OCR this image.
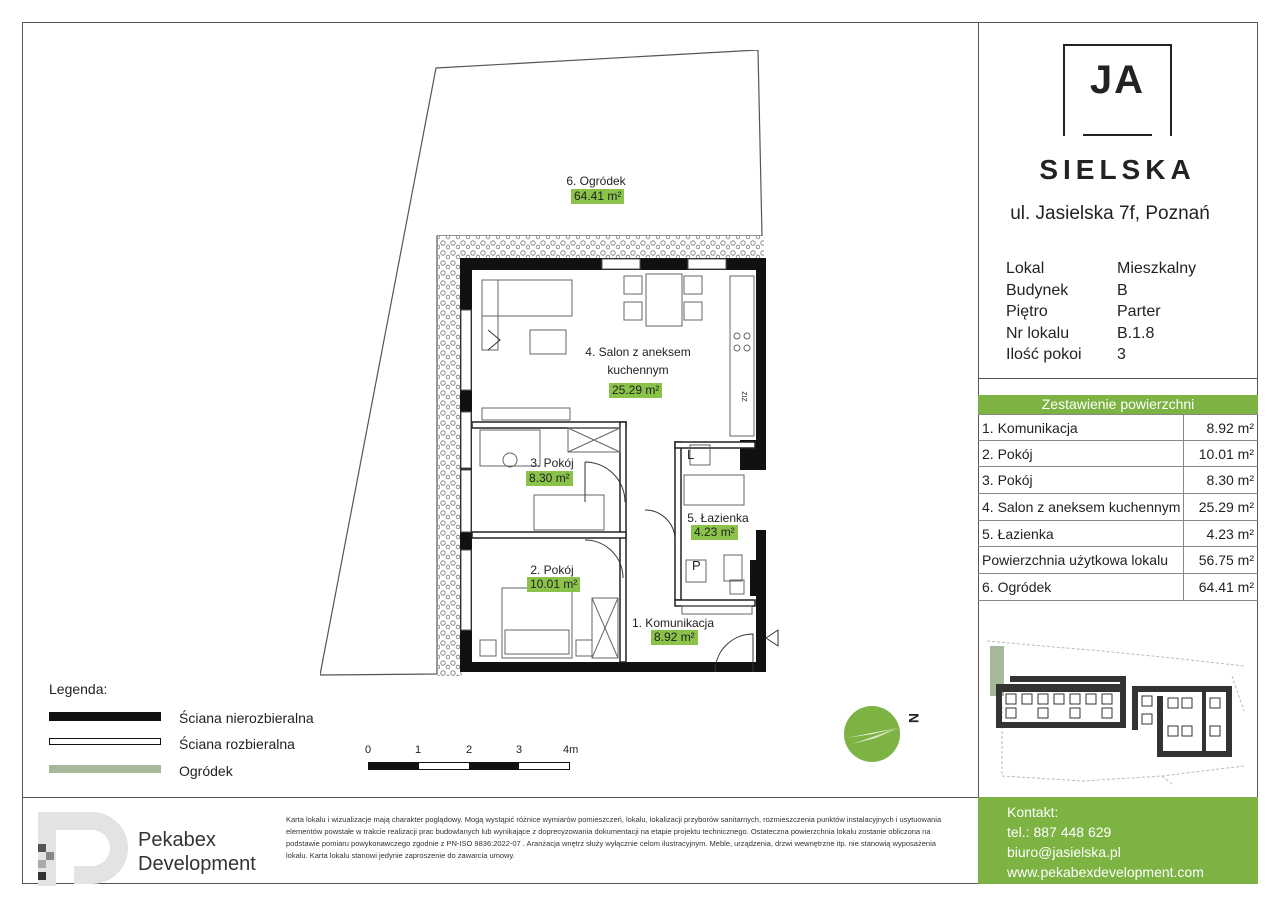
JA
SIELSKA
ul. Jasielska 7f, Poznań
Lokal	Mieszkalny
Budynek	B
Piętro	Parter
Nr lokalu	B.1.8
Ilość pokoi	3
Zestawienie powierzchni
1. Komunikacja	8.92 m²
2. Pokój	10.01 m²
3. Pokój	8.30 m²
4. Salon z aneksem kuchennym	25.29 m²
5. Łazienka	4.23 m²
Powierzchnia użytkowa lokalu	56.75 m²
6. Ogródek	64.41 m²
Kontakt:
tel.: 887 448 629
biuro@jasielska.pl
www.pekabexdevelopment.com
L
P
ZIZ
6. Ogródek
64.41 m²
4. Salon z aneksem
kuchennym
25.29 m²
3. Pokój
8.30 m²
5. Łazienka
4.23 m²
2. Pokój
10.01 m²
1. Komunikacja
8.92 m²
Legenda:
Ściana nierozbieralna
Ściana rozbieralna
Ogródek
0	1	2	3	4m
N
Pekabex
Development
Karta lokalu i wizualizacje mają charakter poglądowy. Mogą wystąpić różnice wymiarów pomieszczeń, lokalu, lokalizacji przyborów sanitarnych, rozmieszczenia punktów instalacyjnych i usytuowania elementów powstałe w trakcie realizacji prac budowlanych lub wynikające z doprecyzowania dokumentacji na etapie projektu technicznego. Ostateczna powierzchnia lokalu zostanie obliczona na podstawie pomiaru powykonawczego zgodnie z PN-ISO 9836:2022-07 . Aranżacja wnętrz służy wyłącznie celom ilustracyjnym. Meble, urządzenia, drzwi wewnętrzne itp. nie stanowią wyposażenia lokalu. Karta lokalu stanowi jedynie zaproszenie do zawarcia umowy.
